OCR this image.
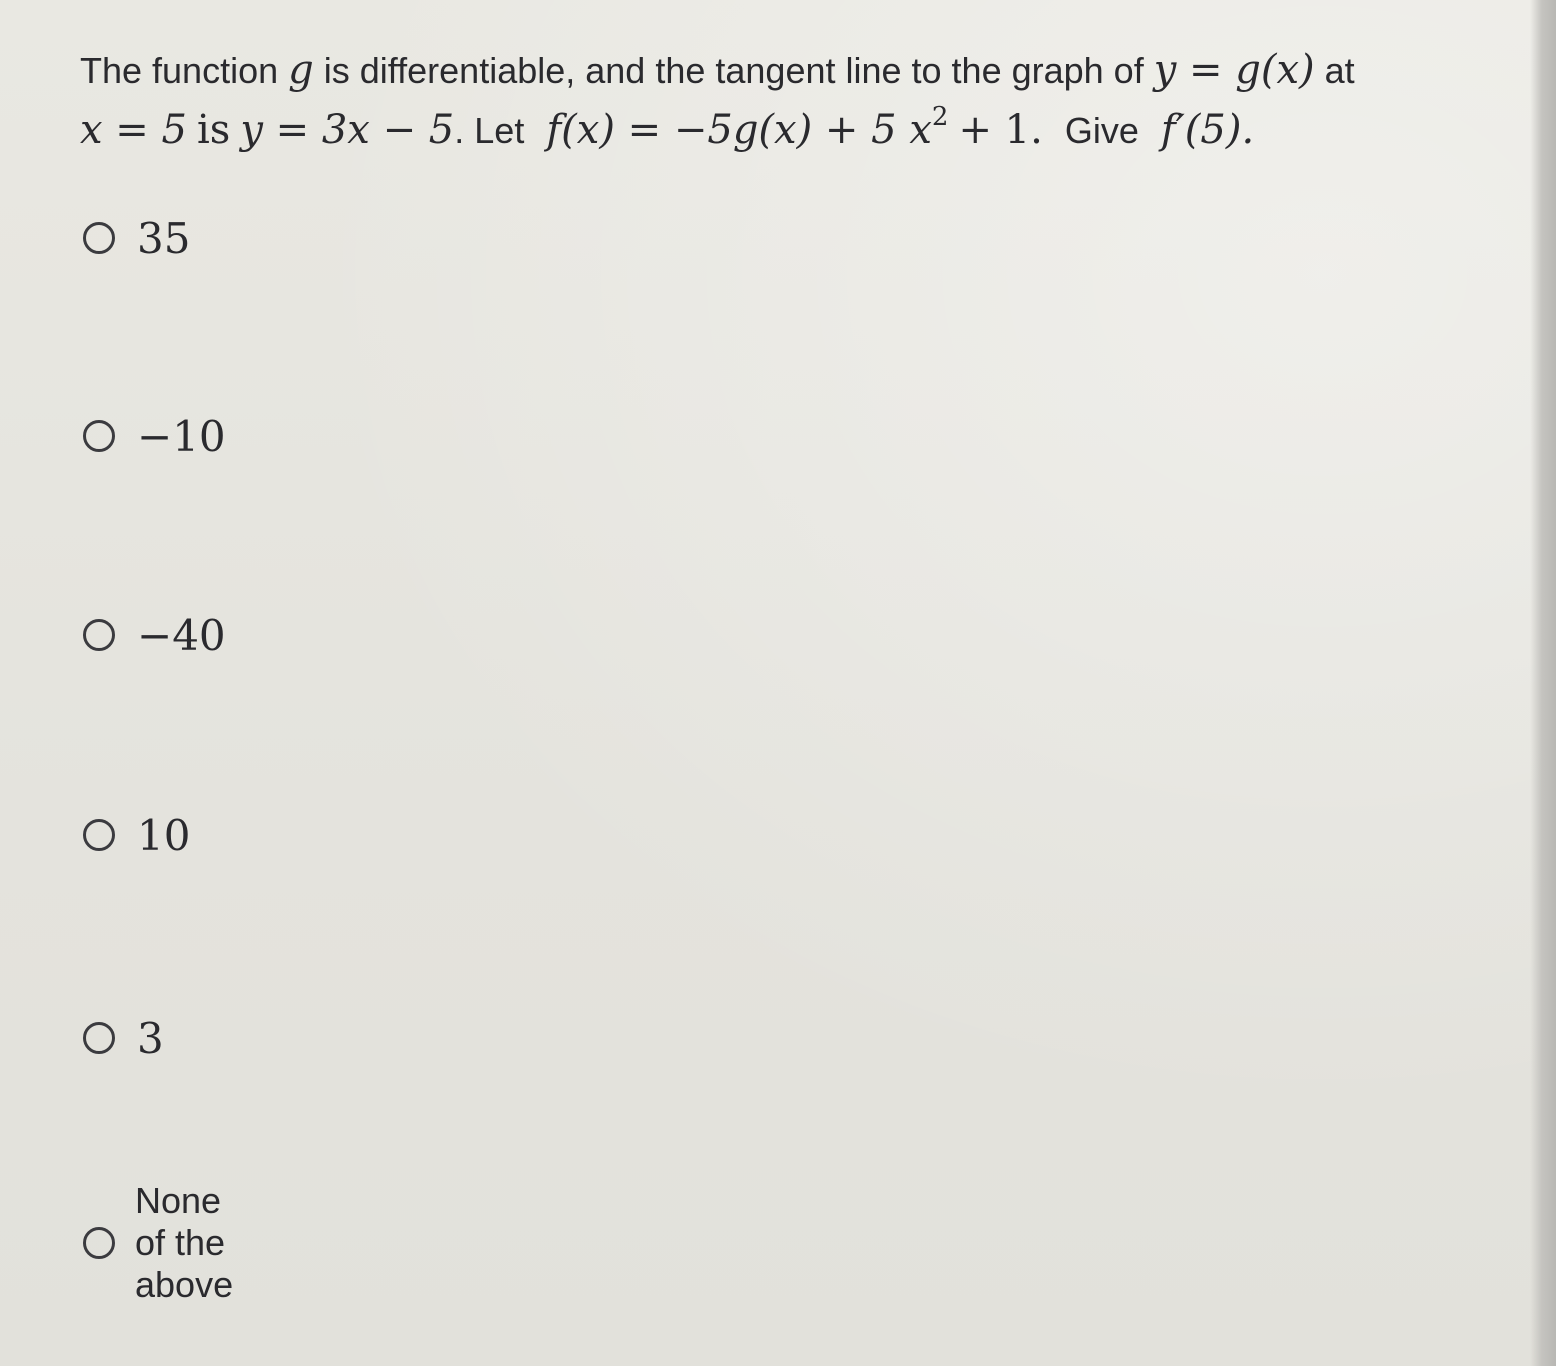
The function g is differentiable, and the tangent line to the graph of y = g(x) at
x = 5 is y = 3x − 5. Let f(x) = −5g(x) + 5 $x^2 + 1$. Give f′(5).
35
−10
−40
10
3
None of the above
